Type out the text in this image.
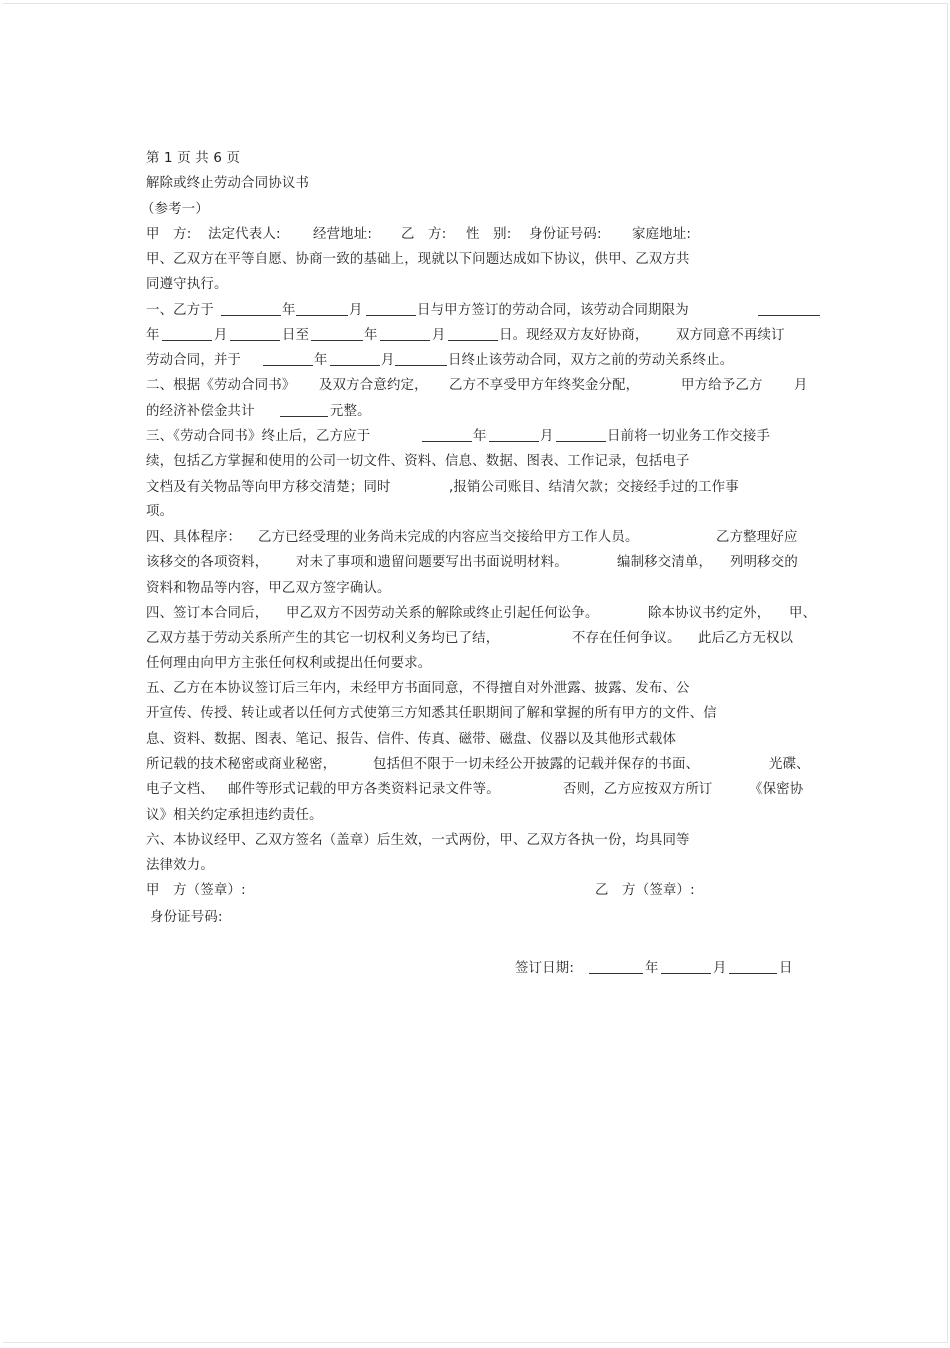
第 1 页 共 6 页
解除或终止劳动合同协议书
（参考一）
甲　方: 法定代表人: 经营地址: 乙　方: 性　别: 身份证号码: 家庭地址:
甲、乙双方在平等自愿、协商一致的基础上，现就以下问题达成如下协议，供甲、乙双方共
同遵守执行。
一、乙方于	年	月	日与甲方签订的劳动合同，该劳动合同期限为
年	月	日至	年	月	日。现经双方友好协商， 双方同意不再续订
劳动合同，并于	年	月	日终止该劳动合同，双方之前的劳动关系终止。
二、根据《劳动合同书》 及双方合意约定， 乙方不享受甲方年终奖金分配，	甲方给予乙方 月
的经济补偿金共计	元整。
三、《劳动合同书》终止后，乙方应于	年	月	日前将一切业务工作交接手
续，包括乙方掌握和使用的公司一切文件、资料、信息、数据、图表、工作记录，包括电子
文档及有关物品等向甲方移交清楚；同时	,报销公司账目、结清欠款；交接经手过的工作事
项。
四、具体程序： 乙方已经受理的业务尚未完成的内容应当交接给甲方工作人员。	乙方整理好应
该移交的各项资料， 对未了事项和遗留问题要写出书面说明材料。	编制移交清单， 列明移交的
资料和物品等内容，甲乙双方签字确认。
四、签订本合同后， 甲乙双方不因劳动关系的解除或终止引起任何讼争。	除本协议书约定外， 甲、
乙双方基于劳动关系所产生的其它一切权利义务均已了结，	不存在任何争议。 此后乙方无权以
任何理由向甲方主张任何权利或提出任何要求。
五、乙方在本协议签订后三年内，未经甲方书面同意，不得擅自对外泄露、披露、发布、公
开宣传、传授、转让或者以任何方式使第三方知悉其任职期间了解和掌握的所有甲方的文件、信
息、资料、数据、图表、笔记、报告、信件、传真、磁带、磁盘、仪器以及其他形式载体
所记载的技术秘密或商业秘密，	包括但不限于一切未经公开披露的记载并保存的书面、	光碟、
电子文档、 邮件等形式记载的甲方各类资料记录文件等。	否则，乙方应按双方所订	《保密协
议》相关约定承担违约责任。
六、本协议经甲、乙双方签名（盖章）后生效，一式两份，甲、乙双方各执一份，均具同等
法律效力。
甲　方（签章）:	乙　方（签章）:
身份证号码:
签订日期:	年	月	日
